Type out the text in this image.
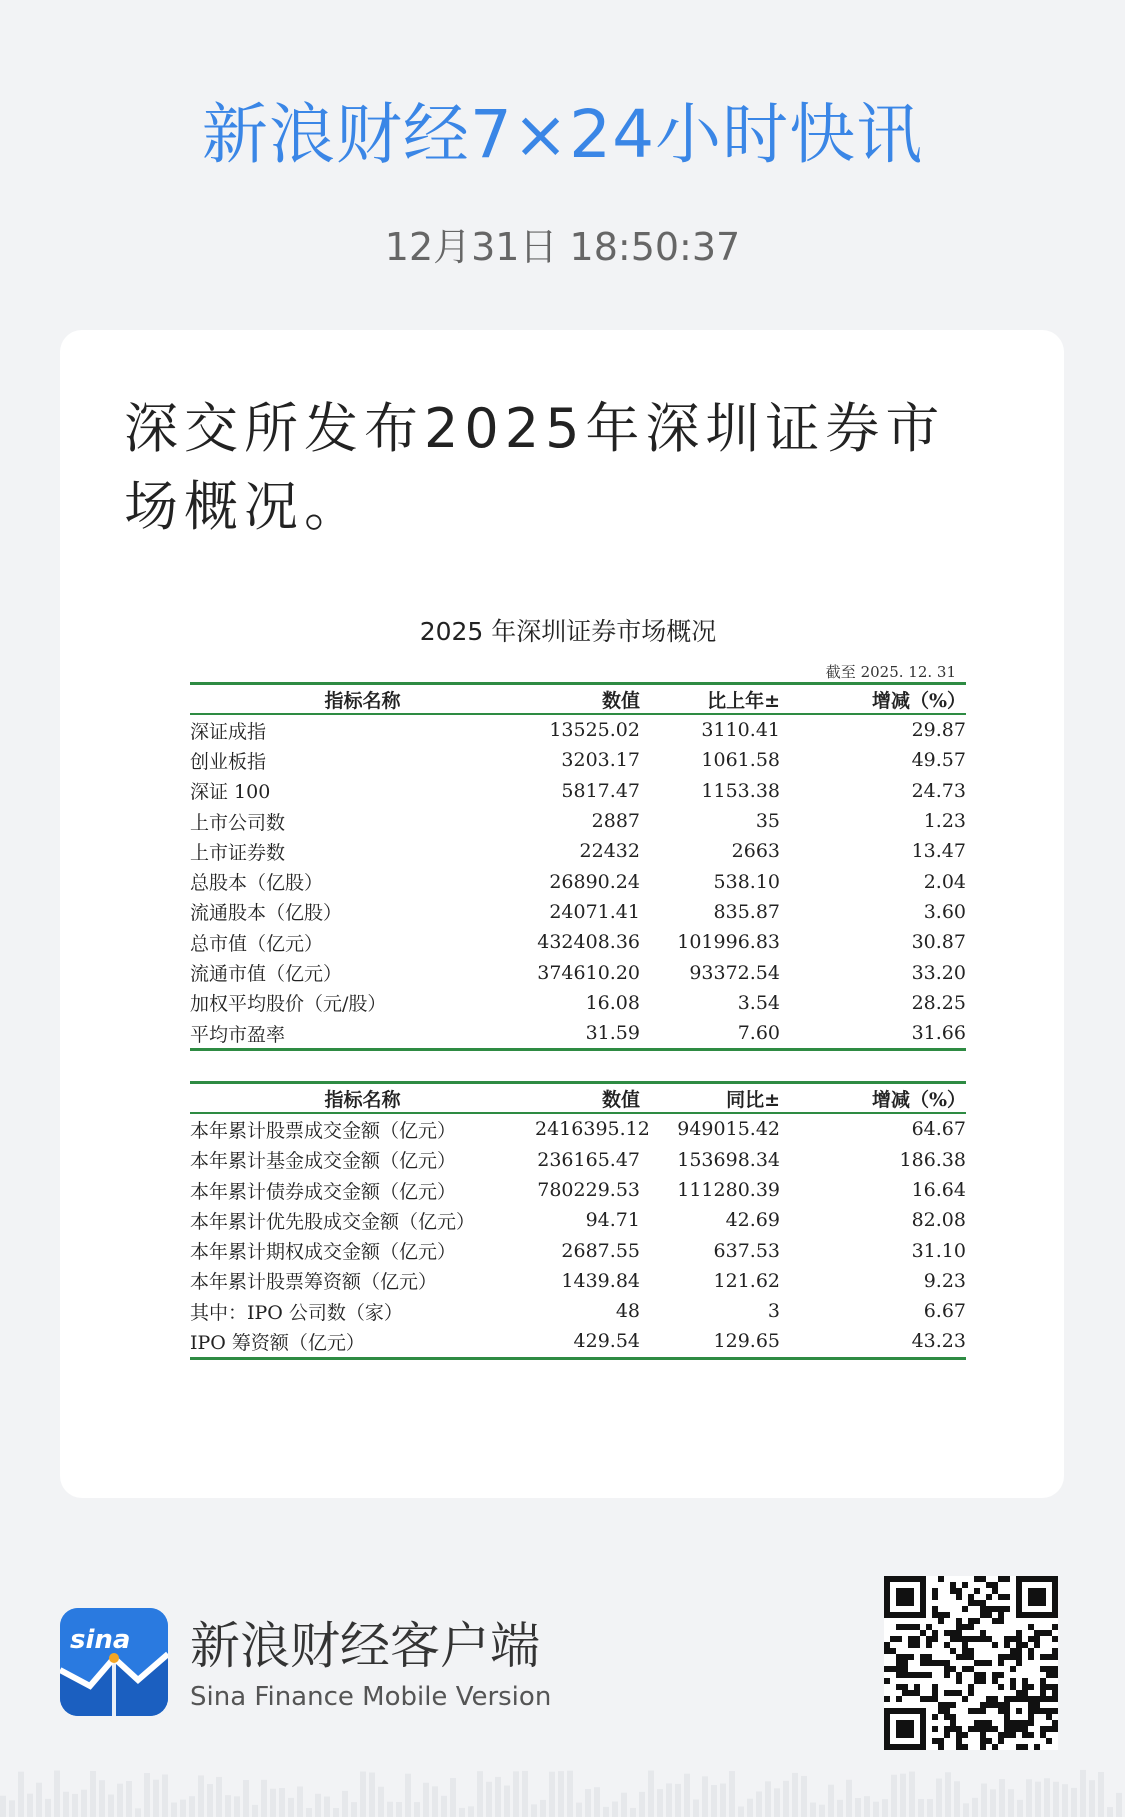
新浪财经7×24小时快讯
12月31日 18:50:37
深交所发布2025年深圳证券市场概况。
2025 年深圳证券市场概况
截至 2025. 12. 31
指标名称	数值	比上年±	增减（%）
深证成指	13525.02	3110.41	29.87
创业板指	3203.17	1061.58	49.57
深证 100	5817.47	1153.38	24.73
上市公司数	2887	35	1.23
上市证券数	22432	2663	13.47
总股本（亿股）	26890.24	538.10	2.04
流通股本（亿股）	24071.41	835.87	3.60
总市值（亿元）	432408.36	101996.83	30.87
流通市值（亿元）	374610.20	93372.54	33.20
加权平均股价（元/股）	16.08	3.54	28.25
平均市盈率	31.59	7.60	31.66
指标名称	数值	同比±	增减（%）
本年累计股票成交金额（亿元）	2416395.12	949015.42	64.67
本年累计基金成交金额（亿元）	236165.47	153698.34	186.38
本年累计债券成交金额（亿元）	780229.53	111280.39	16.64
本年累计优先股成交金额（亿元）	94.71	42.69	82.08
本年累计期权成交金额（亿元）	2687.55	637.53	31.10
本年累计股票筹资额（亿元）	1439.84	121.62	9.23
其中：IPO 公司数（家）	48	3	6.67
IPO 筹资额（亿元）	429.54	129.65	43.23
sina 新浪财经客户端
Sina Finance Mobile Version
